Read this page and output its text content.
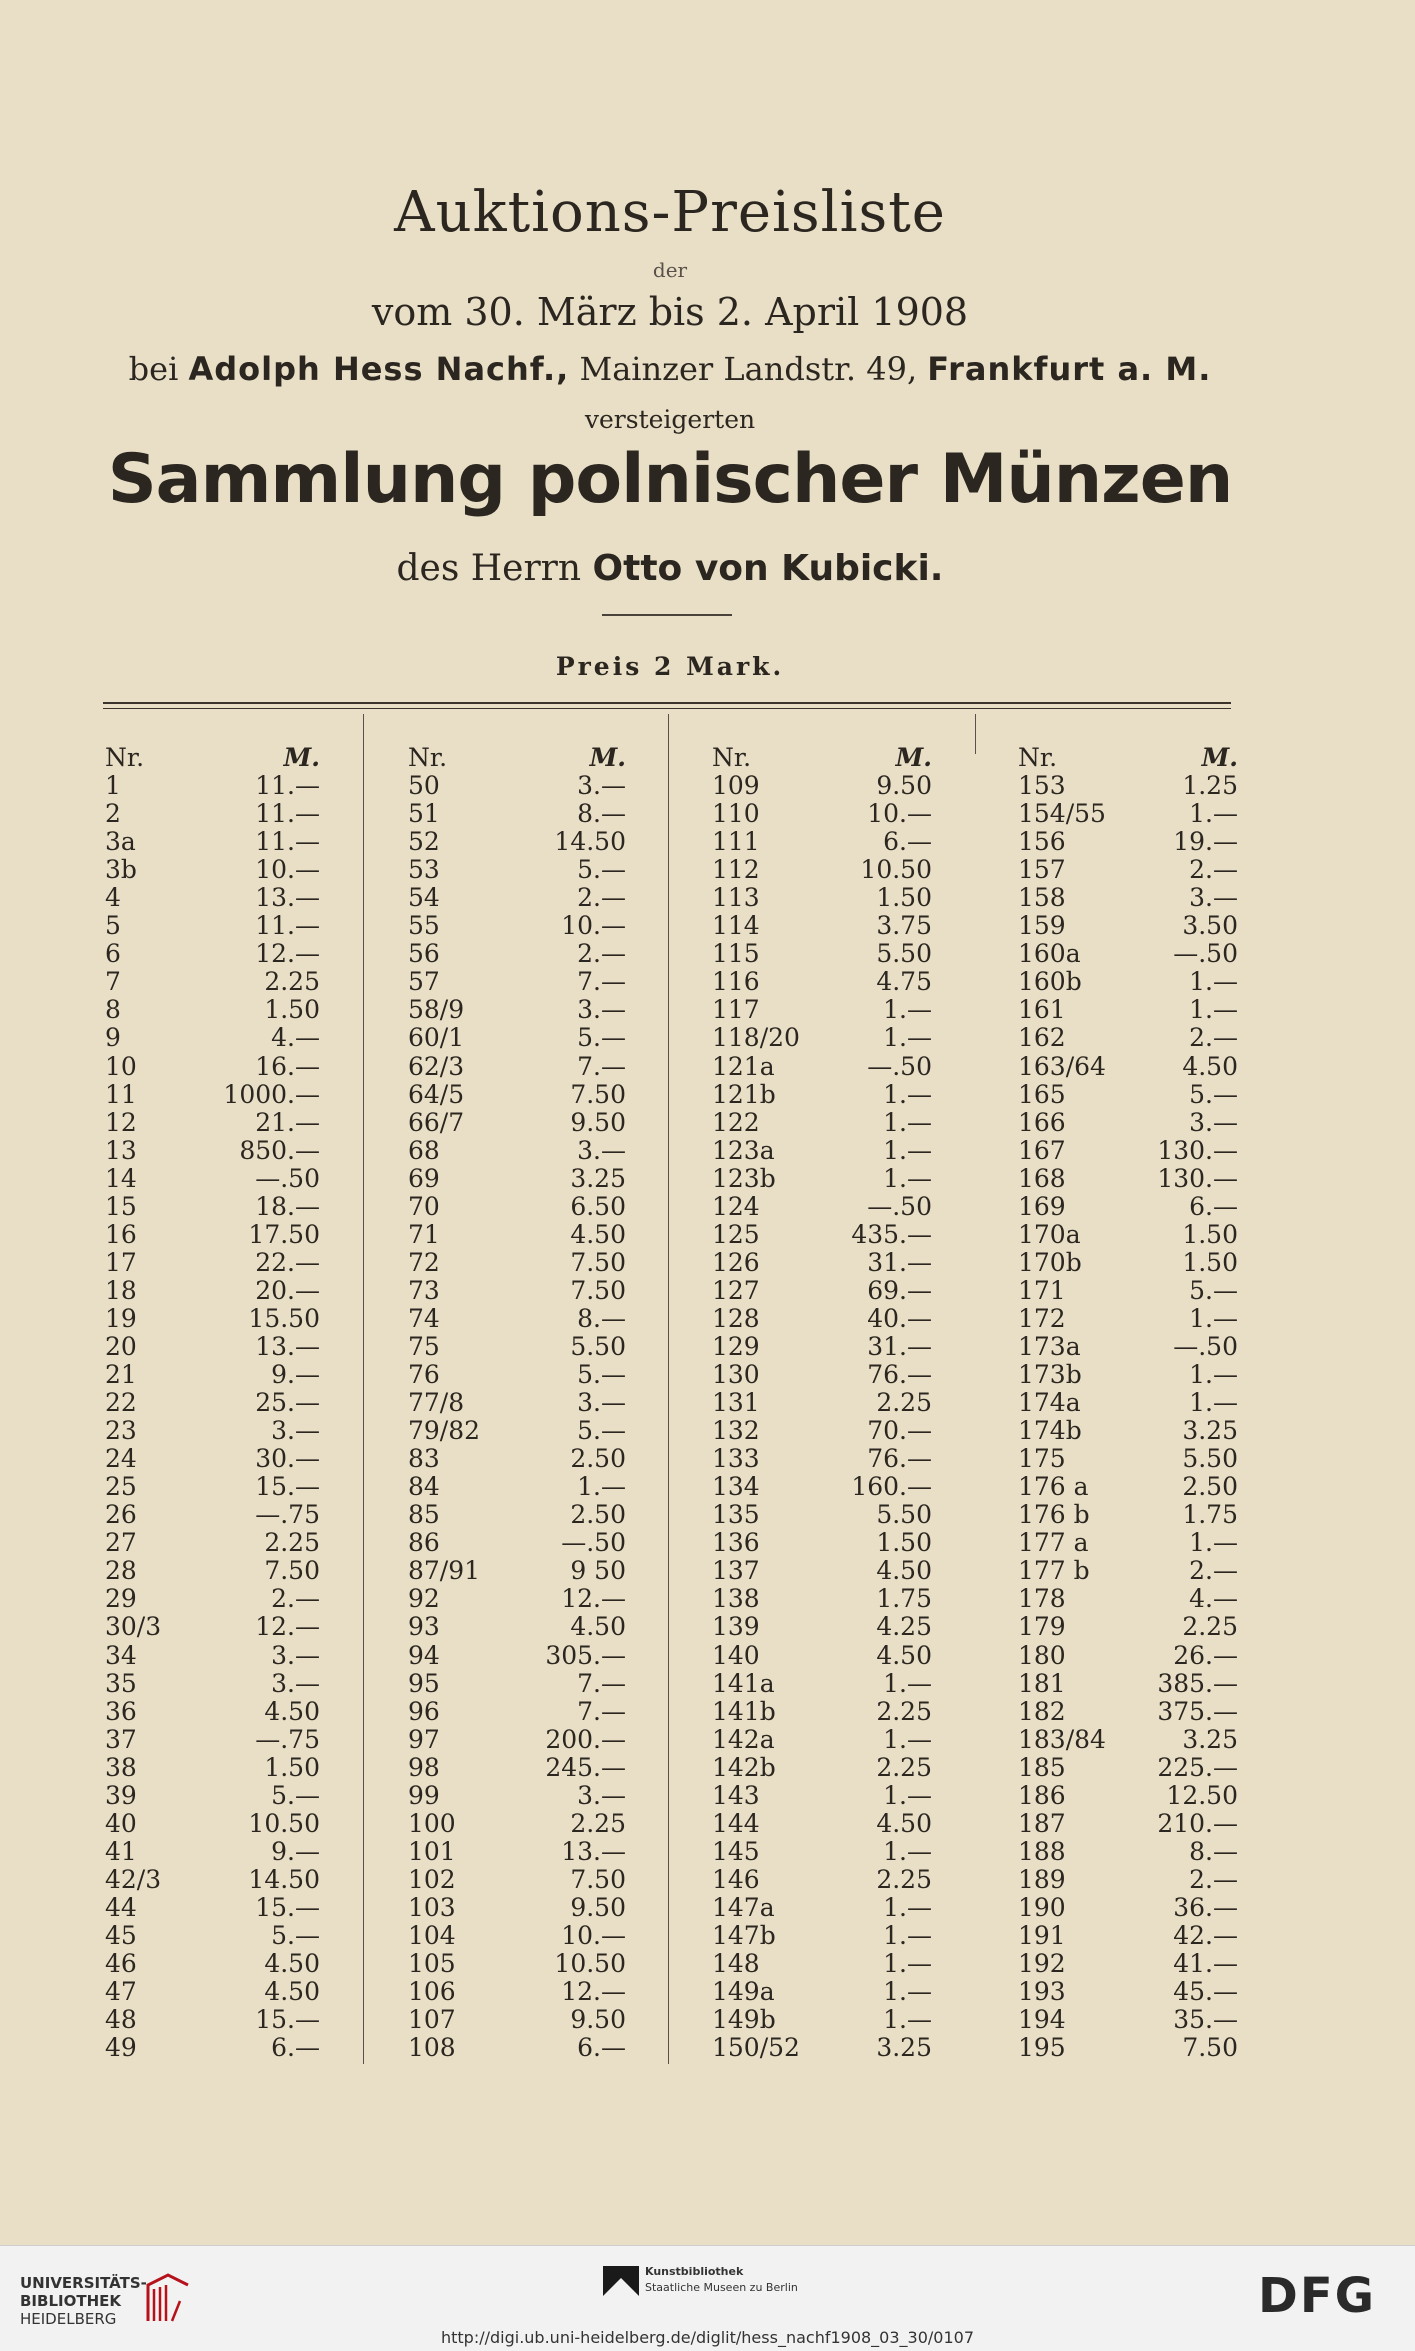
Auktions-Preisliste
der
vom 30. März bis 2. April 1908
bei Adolph Hess Nachf., Mainzer Landstr. 49, Frankfurt a. M.
versteigerten
Sammlung polnischer Münzen
des Herrn Otto von Kubicki.
Preis 2 Mark.
Nr.	M.
1	11.—
2	11.—
3a	11.—
3b	10.—
4	13.—
5	11.—
6	12.—
7	2.25
8	1.50
9	4.—
10	16.—
11	1000.—
12	21.—
13	850.—
14	—.50
15	18.—
16	17.50
17	22.—
18	20.—
19	15.50
20	13.—
21	9.—
22	25.—
23	3.—
24	30.—
25	15.—
26	—.75
27	2.25
28	7.50
29	2.—
30/3	12.—
34	3.—
35	3.—
36	4.50
37	—.75
38	1.50
39	5.—
40	10.50
41	9.—
42/3	14.50
44	15.—
45	5.—
46	4.50
47	4.50
48	15.—
49	6.—
Nr.	M.
50	3.—
51	8.—
52	14.50
53	5.—
54	2.—
55	10.—
56	2.—
57	7.—
58/9	3.—
60/1	5.—
62/3	7.—
64/5	7.50
66/7	9.50
68	3.—
69	3.25
70	6.50
71	4.50
72	7.50
73	7.50
74	8.—
75	5.50
76	5.—
77/8	3.—
79/82	5.—
83	2.50
84	1.—
85	2.50
86	—.50
87/91	9 50
92	12.—
93	4.50
94	305.—
95	7.—
96	7.—
97	200.—
98	245.—
99	3.—
100	2.25
101	13.—
102	7.50
103	9.50
104	10.—
105	10.50
106	12.—
107	9.50
108	6.—
Nr.	M.
109	9.50
110	10.—
111	6.—
112	10.50
113	1.50
114	3.75
115	5.50
116	4.75
117	1.—
118/20	1.—
121a	—.50
121b	1.—
122	1.—
123a	1.—
123b	1.—
124	—.50
125	435.—
126	31.—
127	69.—
128	40.—
129	31.—
130	76.—
131	2.25
132	70.—
133	76.—
134	160.—
135	5.50
136	1.50
137	4.50
138	1.75
139	4.25
140	4.50
141a	1.—
141b	2.25
142a	1.—
142b	2.25
143	1.—
144	4.50
145	1.—
146	2.25
147a	1.—
147b	1.—
148	1.—
149a	1.—
149b	1.—
150/52	3.25
Nr.	M.
153	1.25
154/55	1.—
156	19.—
157	2.—
158	3.—
159	3.50
160a	—.50
160b	1.—
161	1.—
162	2.—
163/64	4.50
165	5.—
166	3.—
167	130.—
168	130.—
169	6.—
170a	1.50
170b	1.50
171	5.—
172	1.—
173a	—.50
173b	1.—
174a	1.—
174b	3.25
175	5.50
176 a	2.50
176 b	1.75
177 a	1.—
177 b	2.—
178	4.—
179	2.25
180	26.—
181	385.—
182	375.—
183/84	3.25
185	225.—
186	12.50
187	210.—
188	8.—
189	2.—
190	36.—
191	42.—
192	41.—
193	45.—
194	35.—
195	7.50
UNIVERSITÄTS-
BIBLIOTHEK
HEIDELBERG
Kunstbibliothek
Staatliche Museen zu Berlin	DFG
http://digi.ub.uni-heidelberg.de/diglit/hess_nachf1908_03_30/0107
